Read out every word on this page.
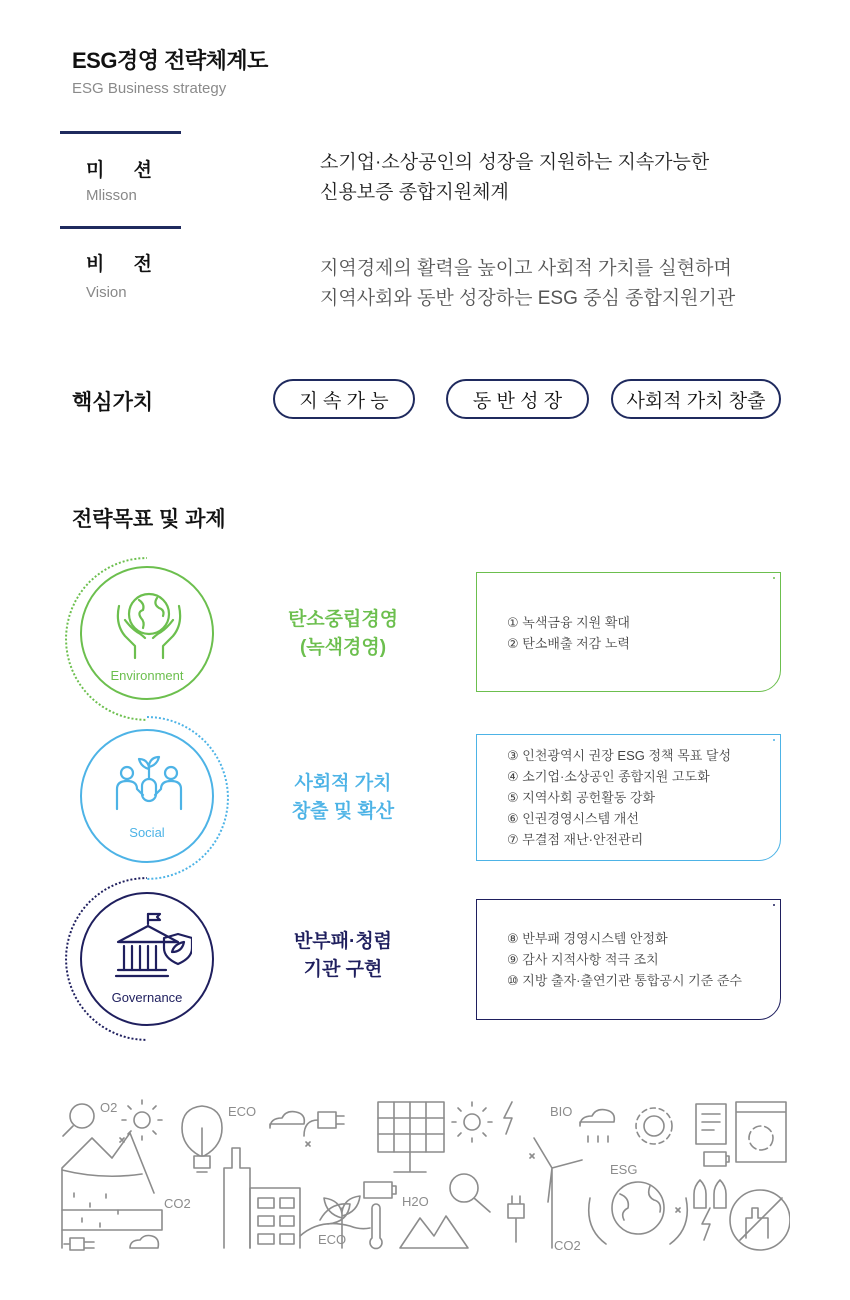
ESG경영 전략체계도
ESG Business strategy
미 션
Mlisson
소기업·소상공인의 성장을 지원하는 지속가능한
신용보증 종합지원체계
비 전
Vision
지역경제의 활력을 높이고 사회적 가치를 실현하며
지역사회와 동반 성장하는 ESG 중심 종합지원기관
핵심가치	지 속 가 능	동 반 성 장	사회적 가치 창출
전략목표 및 과제
Environment
탄소중립경영
(녹색경영)
① 녹색금융 지원 확대
② 탄소배출 저감 노력
Social
사회적 가치
창출 및 확산
③ 인천광역시 권장 ESG 정책 목표 달성
④ 소기업·소상공인 종합지원 고도화
⑤ 지역사회 공헌활동 강화
⑥ 인권경영시스템 개선
⑦ 무결점 재난·안전관리
Governance
반부패·청렴
기관 구현
⑧ 반부패 경영시스템 안정화
⑨ 감사 지적사항 적극 조치
⑩ 지방 출자·출연기관 통합공시 기준 준수
O2	ECO	BIO
CO2	H2O
ESG
ECO	CO2
